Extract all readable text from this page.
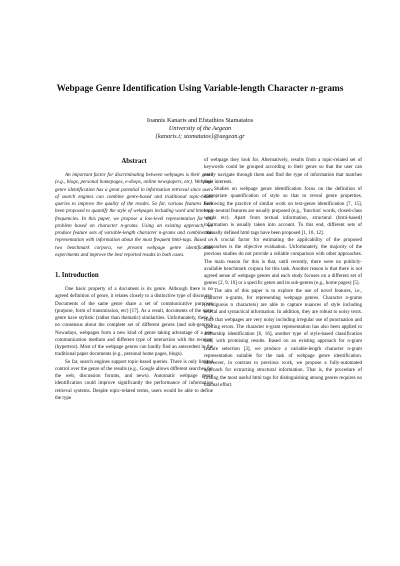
Webpage Genre Identification Using Variable-length Character n-grams
Ioannis Kanaris and Efstathios Stamatatos
University of the Aegean
{kanaris.i; stamatatos}@aegean.gr
Abstract

An important factor for discriminating between webpages is their genre (e.g., blogs, personal homepages, e-shops, online newspapers, etc). Webpage genre identification has a great potential in information retrieval since users of search engines can combine genre-based and traditional topic-based queries to improve the quality of the results. So far, various features have been proposed to quantify the style of webpages including word and html-tag frequencies. In this paper, we propose a low-level representation for this problem based on character n-grams. Using an existing approach, we produce feature sets of variable-length character n-grams and combine this representation with information about the most frequent html-tags. Based on two benchmark corpora, we present webpage genre identification experiments and improve the best reported results in both cases.

1. Introduction

One basic property of a document is its genre. Although there is no agreed definition of genre, it relates closely to a distinctive type of discourse. Documents of the same genre share a set of communicative purposes (purpose, form of transmission, etc) [17]. As a result, documents of the same genre have stylistic (rather than thematic) similarities. Unfortunately, there is no consensus about the complete set of different genres (and sub-genres). Nowadays, webpages form a new kind of genre taking advantage of a new communication medium and different type of interaction with the receiver (hypertext). Most of the webpage genres can hardly find an antecedent in the traditional paper documents (e.g., personal home pages, blogs).

So far, search engines support topic-based queries. There is only limited control over the genre of the results (e.g., Google allows different searches for the web, discussion forums, and news). Automatic webpage genre identification could improve significantly the performance of information retrieval systems. Despite topic-related terms, users would be able to define the type

of webpage they look for. Alternatively, results from a topic-related set of keywords could be grouped according to their genre so that the user can easily navigate through them and find the type of information that matches their interests.

Studies on webpage genre identification focus on the definition of appropriate quantification of style so that to reveal genre properties. Following the practice of similar work on text-genre identification [7, 15], topic-neutral features are usually proposed (e.g., 'function' words, closed-class words etc). Apart from textual information, structural (html-based) information is usually taken into account. To this end, different sets of manually defined html tags have been proposed [1, 10, 12].

A crucial factor for estimating the applicability of the proposed approaches is the objective evaluation. Unfortunately, the majority of the previous studies do not provide a reliable comparison with other approaches. The main reason for this is that, until recently, there were no publicly-available benchmark corpora for this task. Another reason is that there is not agreed sense of webpage genres and each study focuses on a different set of genres [2, 9, 10] or a specific genre and its sub-genres (e.g., home pages) [5].

The aim of this paper is to explore the use of novel features, i.e., character n-grams, for representing webpage genres. Character n-grams (contiguous n characters) are able to capture nuances of style including lexical and syntactical information. In addition, they are robust to noisy texts. Note that webpages are very noisy including irregular use of punctuation and spelling errors. The character n-gram representation has also been applied to authorship identification [6, 16], another type of style-based classification task, with promising results. Based on an existing approach for n-gram feature selection [3], we produce a variable-length character n-gram representation suitable for the task of webpage genre identification. Moreover, in contrast to previous work, we propose a fully-automated approach for extracting structural information. That is, the procedure of finding the most useful html tags for distinguishing among genres requires no manual effort.
